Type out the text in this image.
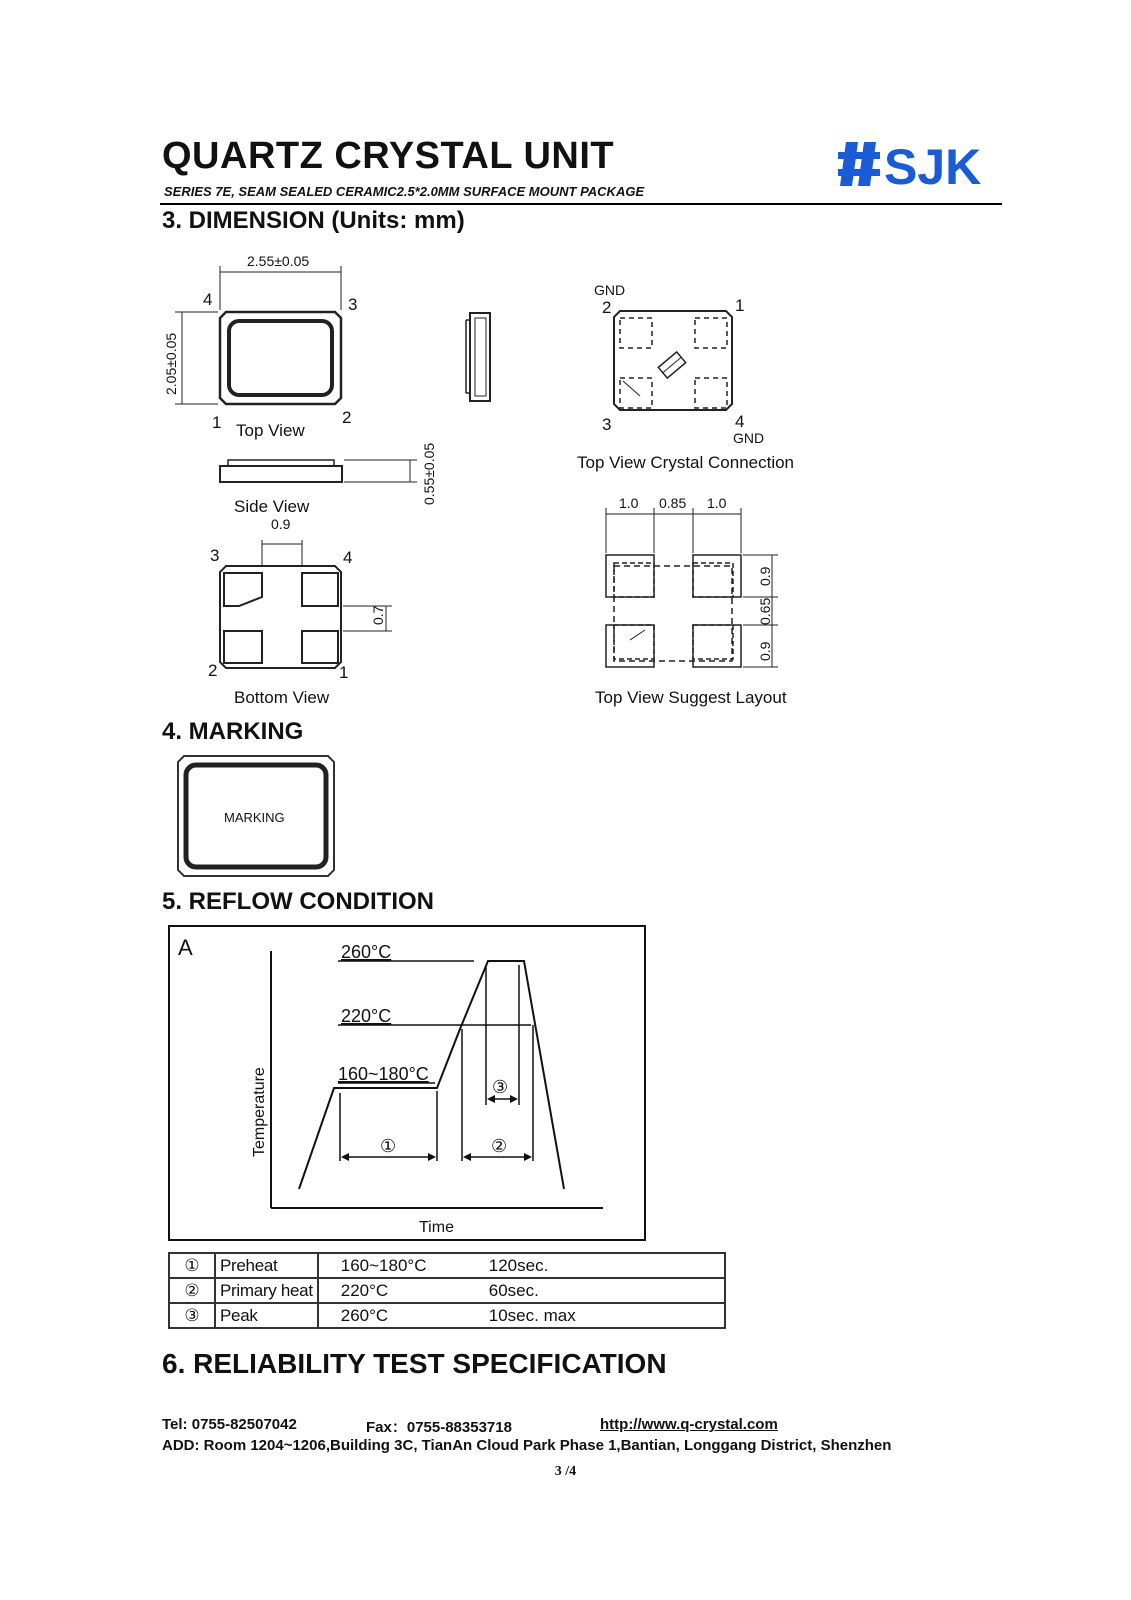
QUARTZ CRYSTAL UNIT
SERIES 7E, SEAM SEALED CERAMIC2.5*2.0MM SURFACE MOUNT PACKAGE	SJK
3. DIMENSION (Units: mm)
2.55±0.05
2.05±0.05
4	3
1	2
Top View
Side View
0.55±0.05
0.9
0.7
3	4
2	1
Bottom View
GND
2	1
3	4
GND
Top View Crystal Connection
1.0 0.85 1.0
0.9
0.65
0.9
Top View Suggest Layout
4. MARKING
MARKING
5. REFLOW CONDITION
A	260°C
220°C
160~180°C
①	②
③
Temperature
Time
①	Preheat	160~180°C	120sec.
②	Primary heat	220°C	60sec.
③	Peak	260°C	10sec. max
6. RELIABILITY TEST SPECIFICATION
Tel: 0755-82507042	Fax：0755-88353718	http://www.q-crystal.com
ADD: Room 1204~1206,Building 3C, TianAn Cloud Park Phase 1,Bantian, Longgang District, Shenzhen
3 /4
